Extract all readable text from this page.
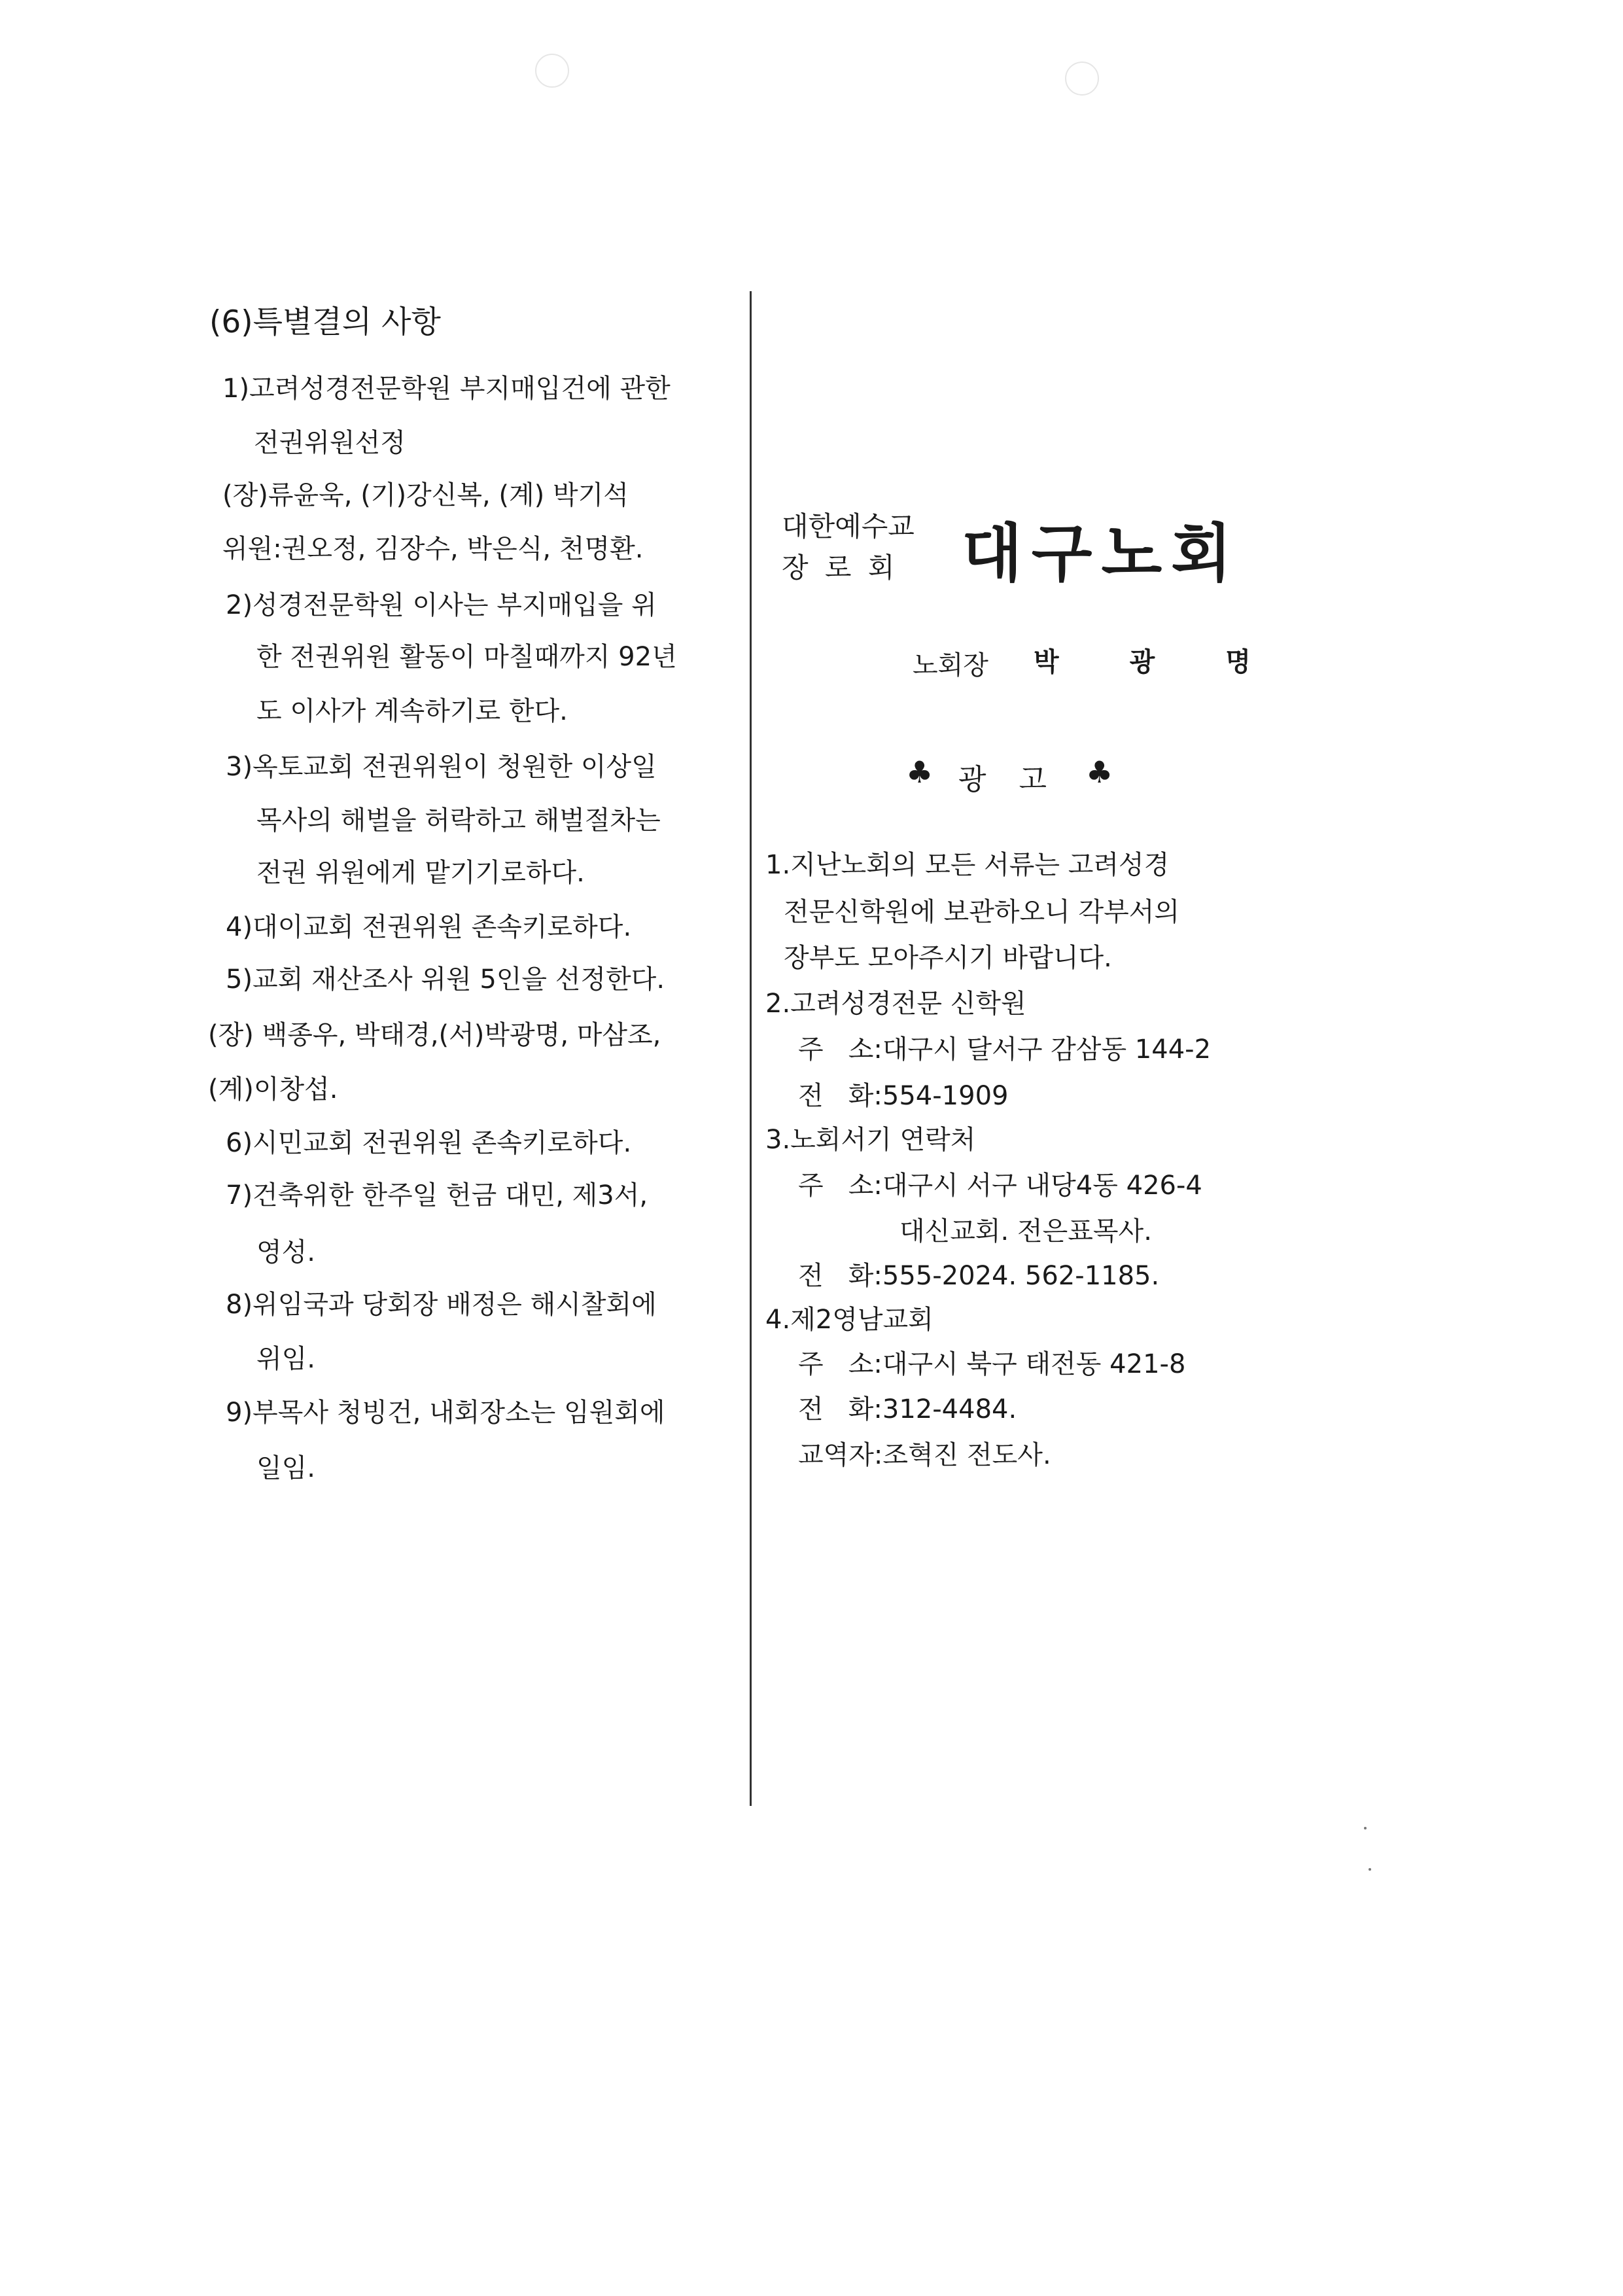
(6)특별결의 사항
1)고려성경전문학원 부지매입건에 관한
전권위원선정
(장)류윤욱, (기)강신복, (계) 박기석
위원:권오정, 김장수, 박은식, 천명환.
2)성경전문학원 이사는 부지매입을 위
한 전권위원 활동이 마칠때까지 92년
도 이사가 계속하기로 한다.
3)옥토교회 전권위원이 청원한 이상일
목사의 해벌을 허락하고 해벌절차는
전권 위원에게 맡기기로하다.
4)대이교회 전권위원 존속키로하다.
5)교회 재산조사 위원 5인을 선정한다.
(장) 백종우, 박태경,(서)박광명, 마삼조,
(계)이창섭.
6)시민교회 전권위원 존속키로하다.
7)건축위한 한주일 헌금 대민, 제3서,
영성.
8)위임국과 당회장 배정은 해시찰회에
위임.
9)부목사 청빙건, 내회장소는 임원회에
일임.
대한예수교
장 로 회 대구노회
노회장 박	광	명
♣ 광 고 ♣
1.지난노회의 모든 서류는 고려성경
전문신학원에 보관하오니 각부서의
장부도 모아주시기 바랍니다.
2.고려성경전문 신학원
주   소:대구시 달서구 감삼동 144-2
전   화:554-1909
3.노회서기 연락처
주   소:대구시 서구 내당4동 426-4
대신교회. 전은표목사.
전   화:555-2024. 562-1185.
4.제2영남교회
주   소:대구시 북구 태전동 421-8
전   화:312-4484.
교역자:조혁진 전도사.
